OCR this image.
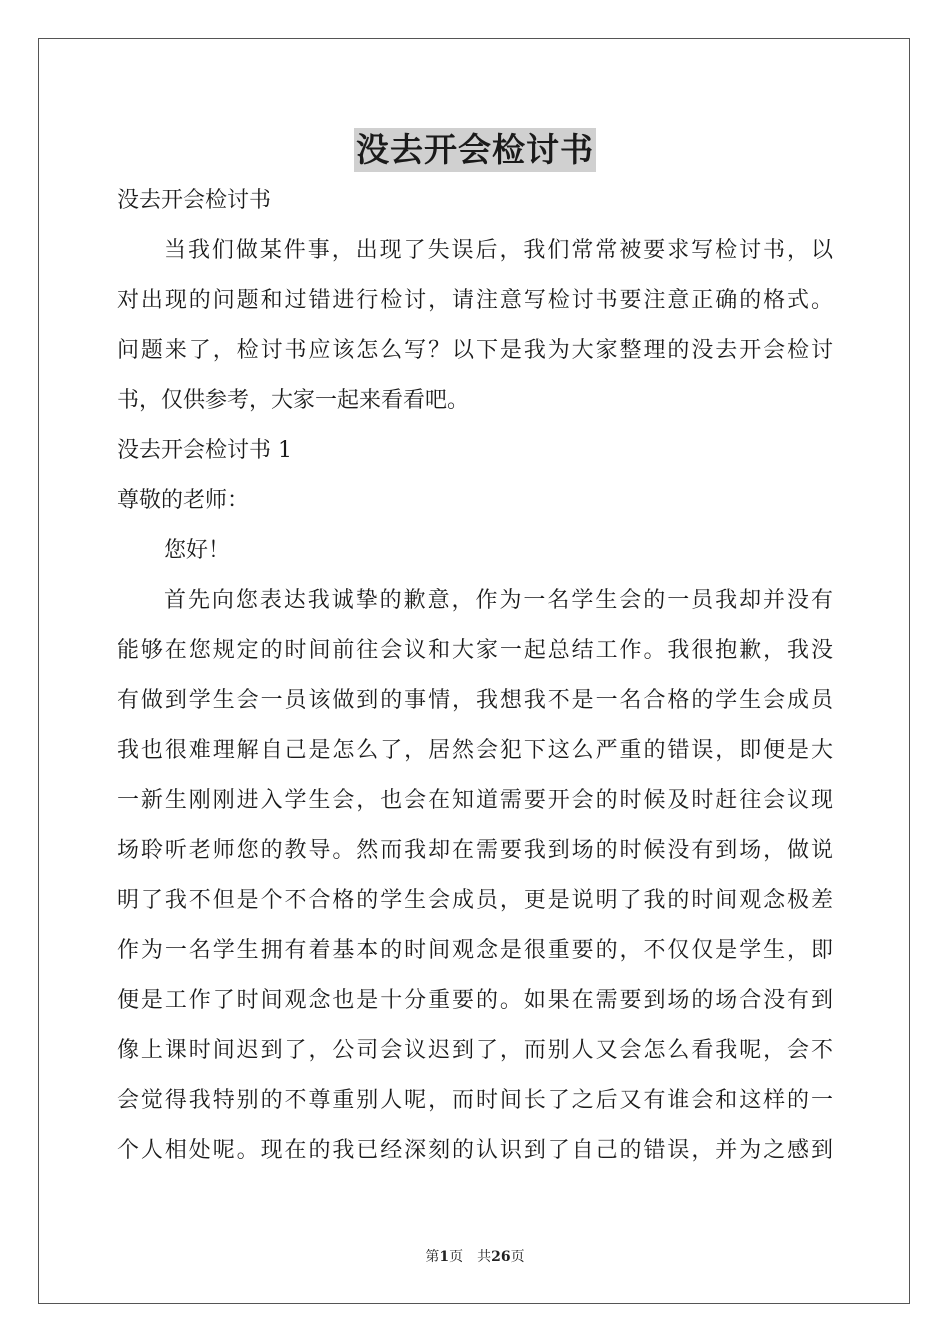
没去开会检讨书
没去开会检讨书
当我们做某件事，出现了失误后，我们常常被要求写检讨书，以
对出现的问题和过错进行检讨，请注意写检讨书要注意正确的格式。
问题来了，检讨书应该怎么写？以下是我为大家整理的没去开会检讨
书，仅供参考，大家一起来看看吧。
没去开会检讨书 1
尊敬的老师：
您好！
首先向您表达我诚挚的歉意，作为一名学生会的一员我却并没有
能够在您规定的时间前往会议和大家一起总结工作。我很抱歉，我没
有做到学生会一员该做到的事情，我想我不是一名合格的学生会成员
我也很难理解自己是怎么了，居然会犯下这么严重的错误，即便是大
一新生刚刚进入学生会，也会在知道需要开会的时候及时赶往会议现
场聆听老师您的教导。然而我却在需要我到场的时候没有到场，做说
明了我不但是个不合格的学生会成员，更是说明了我的时间观念极差
作为一名学生拥有着基本的时间观念是很重要的，不仅仅是学生，即
便是工作了时间观念也是十分重要的。如果在需要到场的场合没有到
像上课时间迟到了，公司会议迟到了，而别人又会怎么看我呢，会不
会觉得我特别的不尊重别人呢，而时间长了之后又有谁会和这样的一
个人相处呢。现在的我已经深刻的认识到了自己的错误，并为之感到
第1页 共26页
